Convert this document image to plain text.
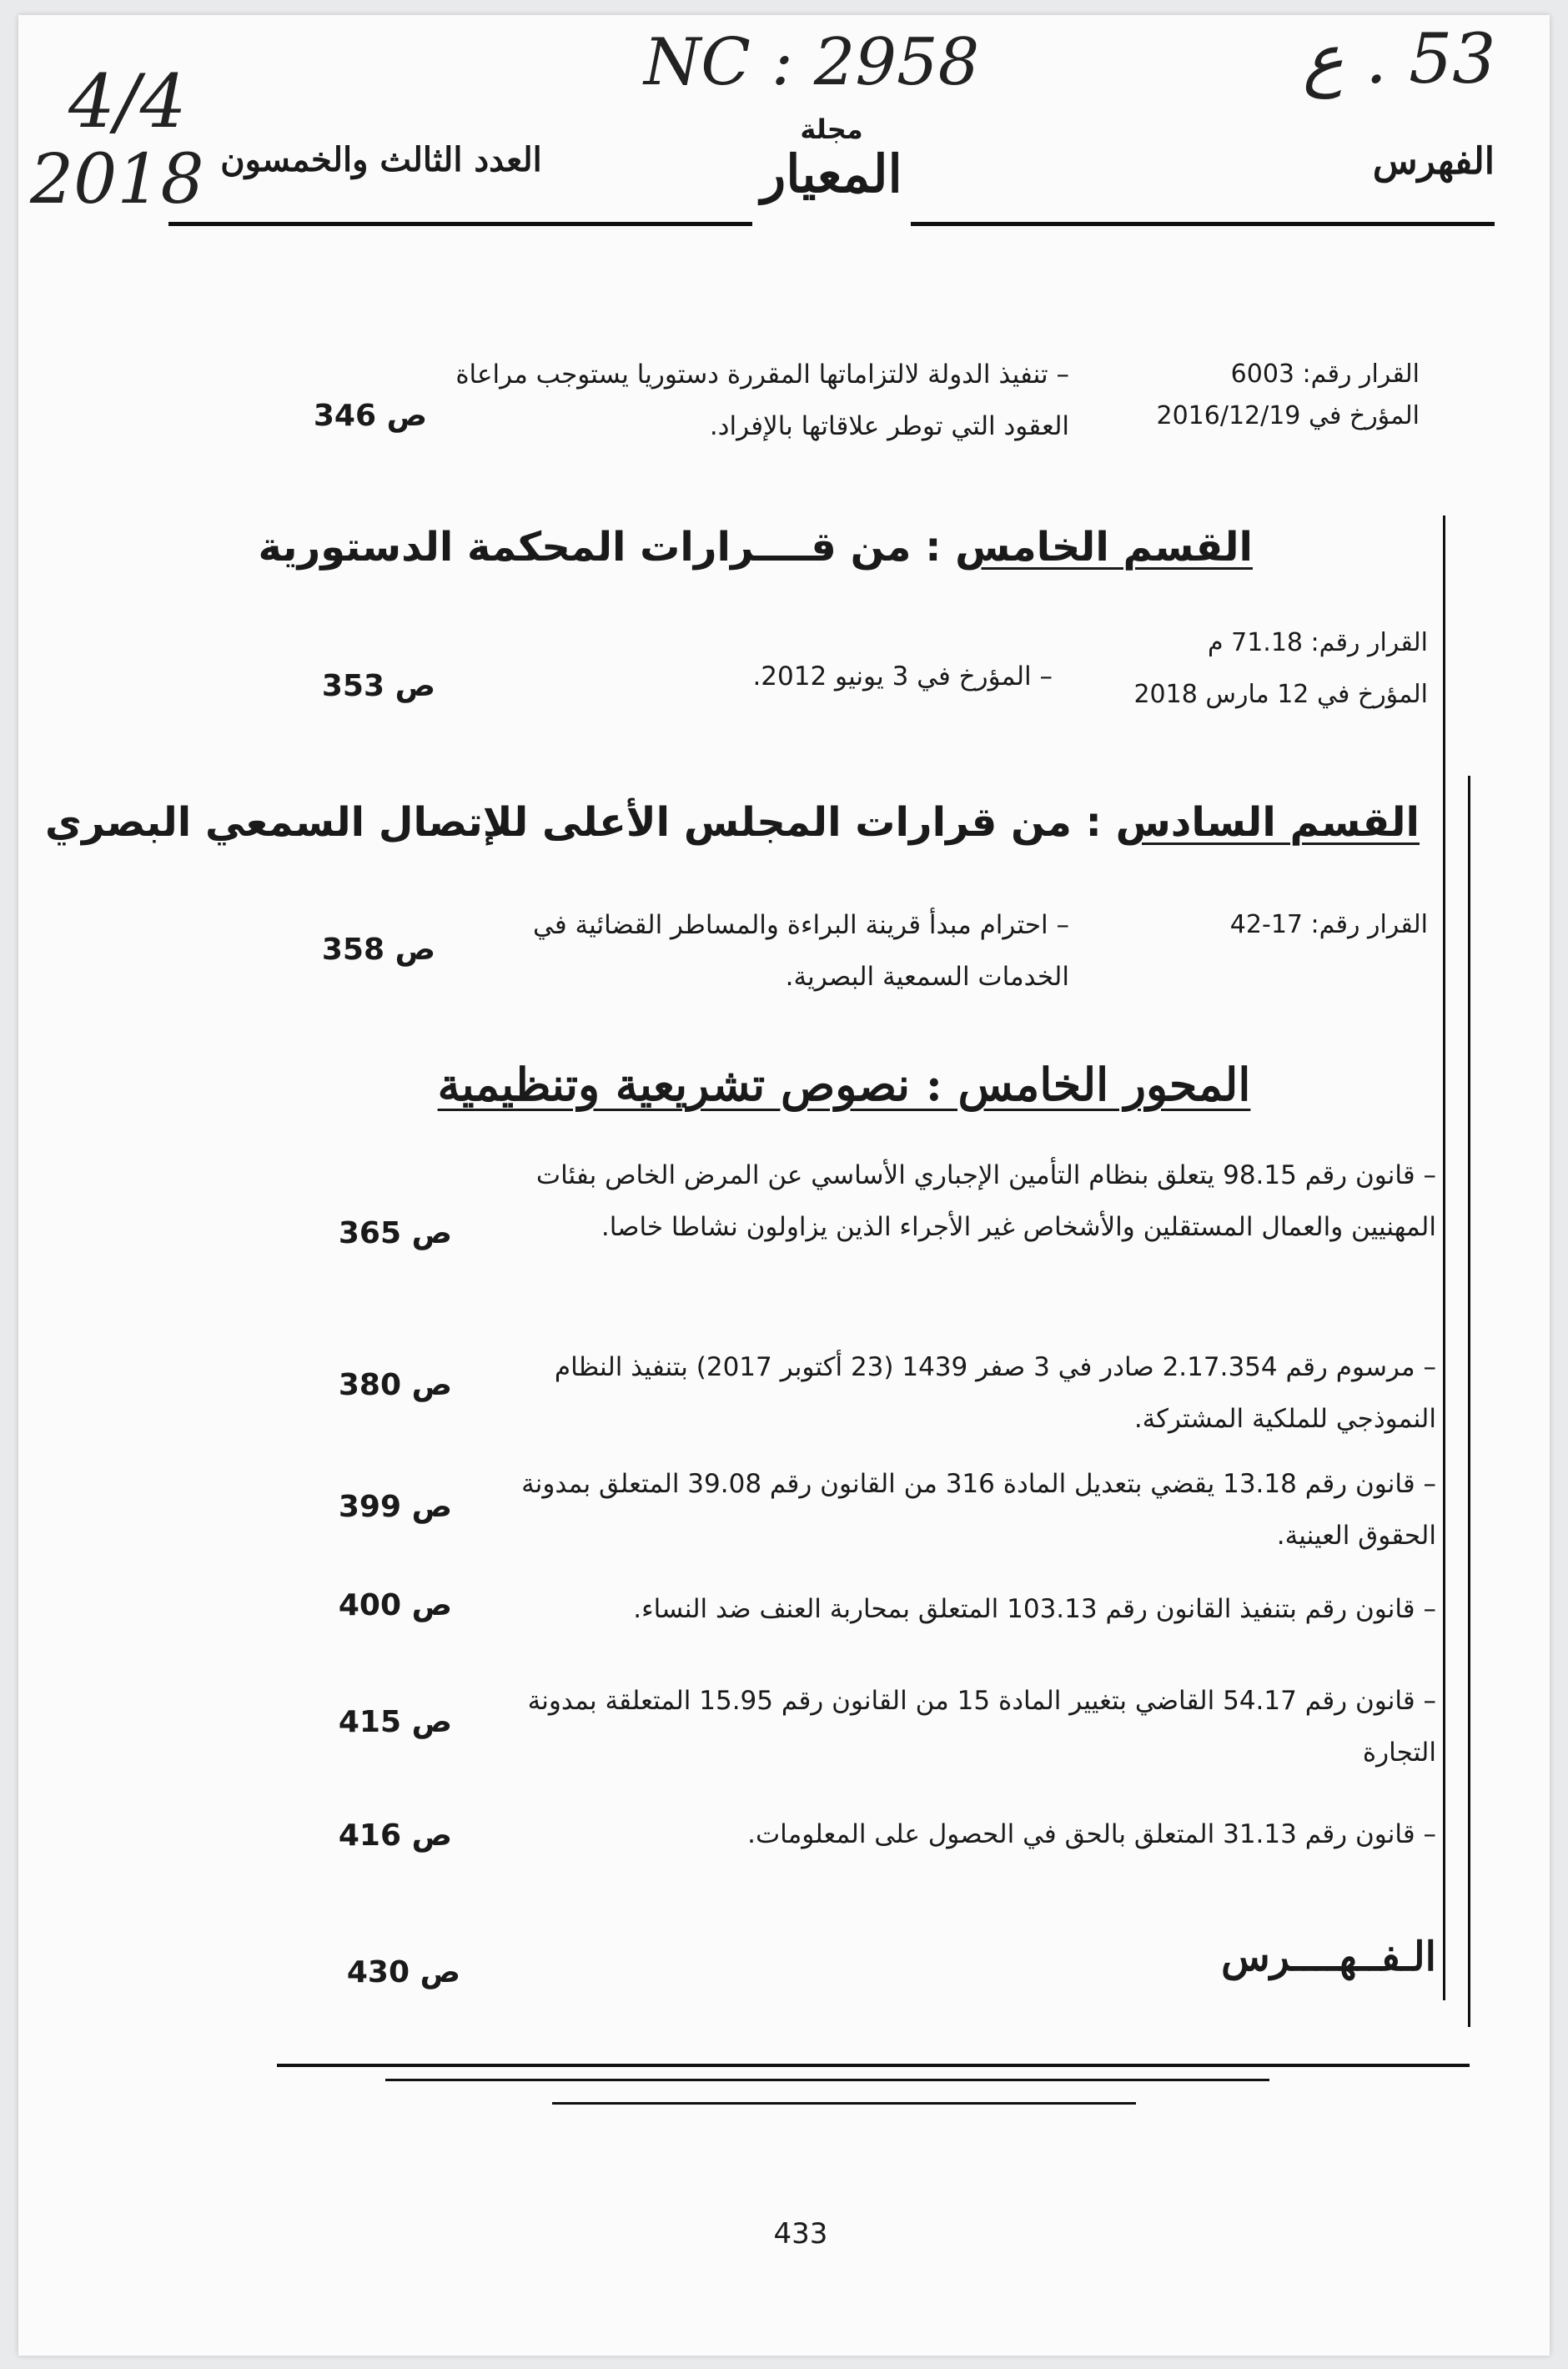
NC : 2958	53 . ع
4/4
2018 العدد الثالث والخمسون
مجلة
المعيار	الفهرس
القرار رقم: 6003
المؤرخ في 2016/12/19
– تنفيذ الدولة لالتزاماتها المقررة دستوريا يستوجب مراعاة العقود التي توطر علاقاتها بالإفراد.
ص 346
القسم الخامس : من قــــرارات المحكمة الدستورية
القرار رقم: 71.18 م
المؤرخ في 12 مارس 2018
– المؤرخ في 3 يونيو 2012.
ص 353
القسم السادس : من قرارات المجلس الأعلى للإتصال السمعي البصري
القرار رقم: 17-42
– احترام مبدأ قرينة البراءة والمساطر القضائية في الخدمات السمعية البصرية.
ص 358
المحور الخامس : نصوص تشريعية وتنظيمية
– قانون رقم 98.15 يتعلق بنظام التأمين الإجباري الأساسي عن المرض الخاص بفئات المهنيين والعمال المستقلين والأشخاص غير الأجراء الذين يزاولون نشاطا خاصا.
ص 365
– مرسوم رقم 2.17.354 صادر في 3 صفر 1439 (23 أكتوبر 2017) بتنفيذ النظام النموذجي للملكية المشتركة.
ص 380
– قانون رقم 13.18 يقضي بتعديل المادة 316 من القانون رقم 39.08 المتعلق بمدونة الحقوق العينية.
ص 399
– قانون رقم بتنفيذ القانون رقم 103.13 المتعلق بمحاربة العنف ضد النساء.
ص 400
– قانون رقم 54.17 القاضي بتغيير المادة 15 من القانون رقم 15.95 المتعلقة بمدونة التجارة
ص 415
– قانون رقم 31.13 المتعلق بالحق في الحصول على المعلومات.
ص 416
الـفــهــــرس
ص 430
433
